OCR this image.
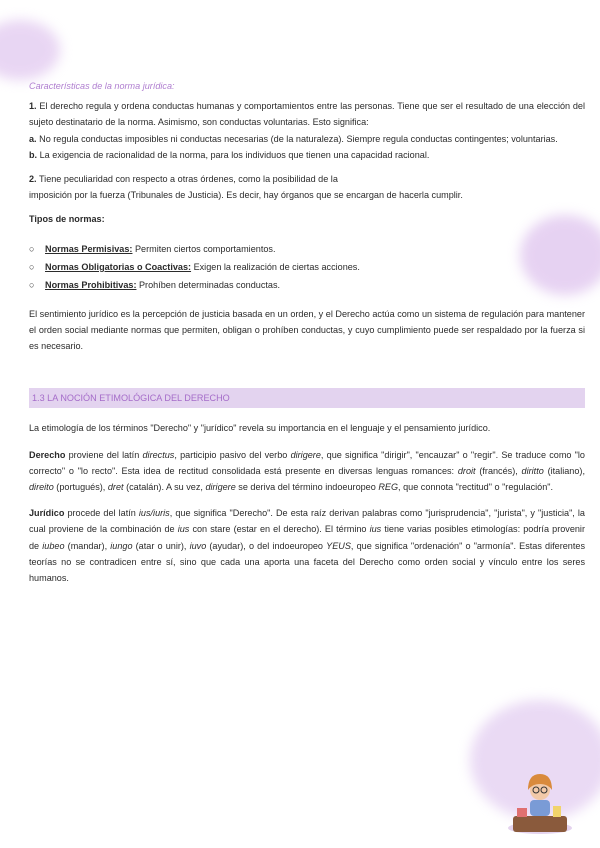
Características de la norma jurídica:

1. El derecho regula y ordena conductas humanas y comportamientos entre las personas. Tiene que ser el resultado de una elección del sujeto destinatario de la norma. Asimismo, son conductas voluntarias. Esto significa:

a. No regula conductas imposibles ni conductas necesarias (de la naturaleza). Siempre regula conductas contingentes; voluntarias.

b. La exigencia de racionalidad de la norma, para los individuos que tienen una capacidad racional.

2. Tiene peculiaridad con respecto a otras órdenes, como la posibilidad de la

imposición por la fuerza (Tribunales de Justicia). Es decir, hay órganos que se encargan de hacerla cumplir.

Tipos de normas:

○ Normas Permisivas: Permiten ciertos comportamientos.
○ Normas Obligatorias o Coactivas: Exigen la realización de ciertas acciones.
○ Normas Prohibitivas: Prohíben determinadas conductas.

El sentimiento jurídico es la percepción de justicia basada en un orden, y el Derecho actúa como un sistema de regulación para mantener el orden social mediante normas que permiten, obligan o prohíben conductas, y cuyo cumplimiento puede ser respaldado por la fuerza si es necesario.

1.3 LA NOCIÓN ETIMOLÓGICA DEL DERECHO

La etimología de los términos "Derecho" y "jurídico" revela su importancia en el lenguaje y el pensamiento jurídico.

Derecho proviene del latín directus, participio pasivo del verbo dirigere, que significa "dirigir", "encauzar" o "regir". Se traduce como "lo correcto" o "lo recto". Esta idea de rectitud consolidada está presente en diversas lenguas romances: droit (francés), diritto (italiano), direito (portugués), dret (catalán). A su vez, dirigere se deriva del término indoeuropeo REG, que connota "rectitud" o "regulación".

Jurídico procede del latín ius/iuris, que significa "Derecho". De esta raíz derivan palabras como "jurisprudencia", "jurista", y "justicia", la cual proviene de la combinación de ius con stare (estar en el derecho). El término ius tiene varias posibles etimologías: podría provenir de iubeo (mandar), iungo (atar o unir), iuvo (ayudar), o del indoeuropeo YEUS, que significa "ordenación" o "armonía". Estas diferentes teorías no se contradicen entre sí, sino que cada una aporta una faceta del Derecho como orden social y vínculo entre los seres humanos.
